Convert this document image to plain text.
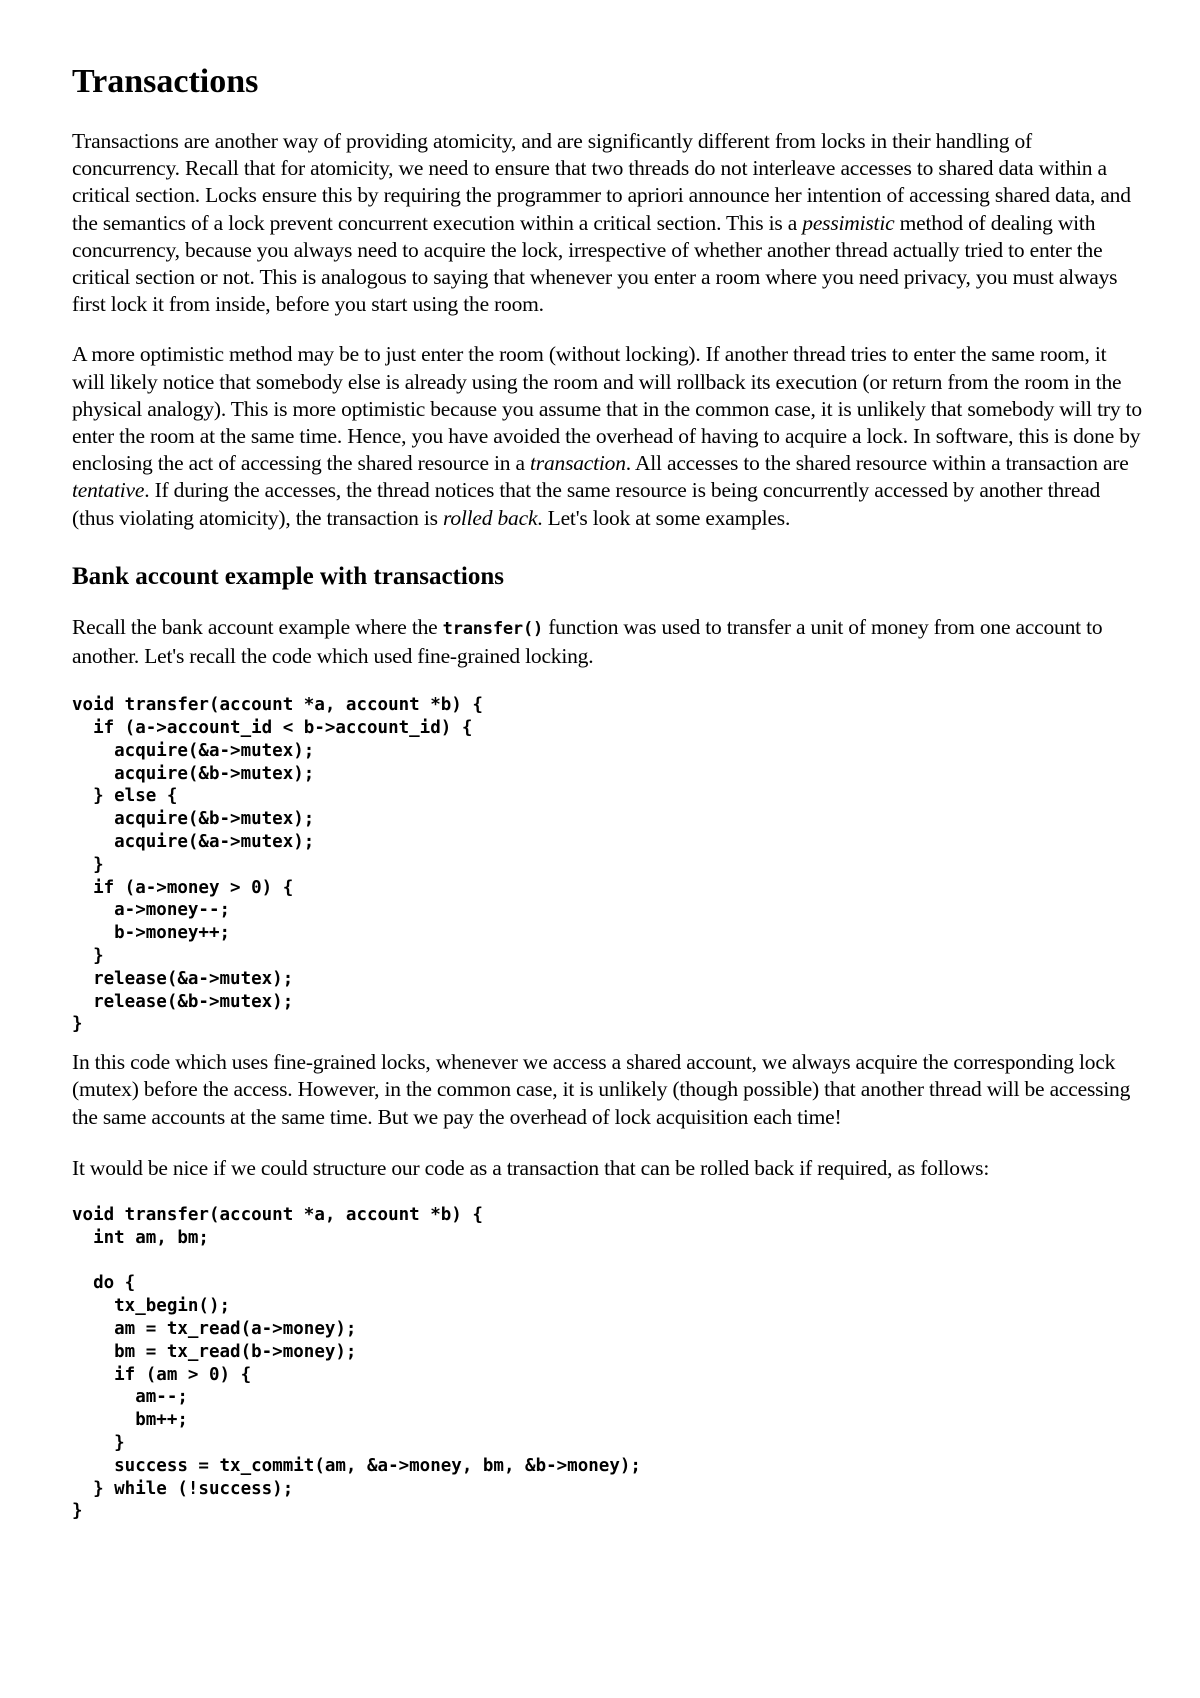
Transactions

Transactions are another way of providing atomicity, and are significantly different from locks in their handling of concurrency. Recall that for atomicity, we need to ensure that two threads do not interleave accesses to shared data within a critical section. Locks ensure this by requiring the programmer to apriori announce her intention of accessing shared data, and the semantics of a lock prevent concurrent execution within a critical section. This is a pessimistic method of dealing with concurrency, because you always need to acquire the lock, irrespective of whether another thread actually tried to enter the critical section or not. This is analogous to saying that whenever you enter a room where you need privacy, you must always first lock it from inside, before you start using the room.

A more optimistic method may be to just enter the room (without locking). If another thread tries to enter the same room, it will likely notice that somebody else is already using the room and will rollback its execution (or return from the room in the physical analogy). This is more optimistic because you assume that in the common case, it is unlikely that somebody will try to enter the room at the same time. Hence, you have avoided the overhead of having to acquire a lock. In software, this is done by enclosing the act of accessing the shared resource in a transaction. All accesses to the shared resource within a transaction are tentative. If during the accesses, the thread notices that the same resource is being concurrently accessed by another thread (thus violating atomicity), the transaction is rolled back. Let's look at some examples.

Bank account example with transactions

Recall the bank account example where the transfer() function was used to transfer a unit of money from one account to another. Let's recall the code which used fine-grained locking.

void transfer(account *a, account *b) {
if (a->account_id < b->account_id) {
acquire(&a->mutex);
acquire(&b->mutex);
} else {
acquire(&b->mutex);
acquire(&a->mutex);
}
if (a->money > 0) {
a->money--;
b->money++;
}
release(&a->mutex);
release(&b->mutex);
}

In this code which uses fine-grained locks, whenever we access a shared account, we always acquire the corresponding lock (mutex) before the access. However, in the common case, it is unlikely (though possible) that another thread will be accessing the same accounts at the same time. But we pay the overhead of lock acquisition each time!

It would be nice if we could structure our code as a transaction that can be rolled back if required, as follows:

void transfer(account *a, account *b) {
int am, bm;

do {
tx_begin();
am = tx_read(a->money);
bm = tx_read(b->money);
if (am > 0) {
am--;
bm++;
}
success = tx_commit(am, &a->money, bm, &b->money);
} while (!success);
}
